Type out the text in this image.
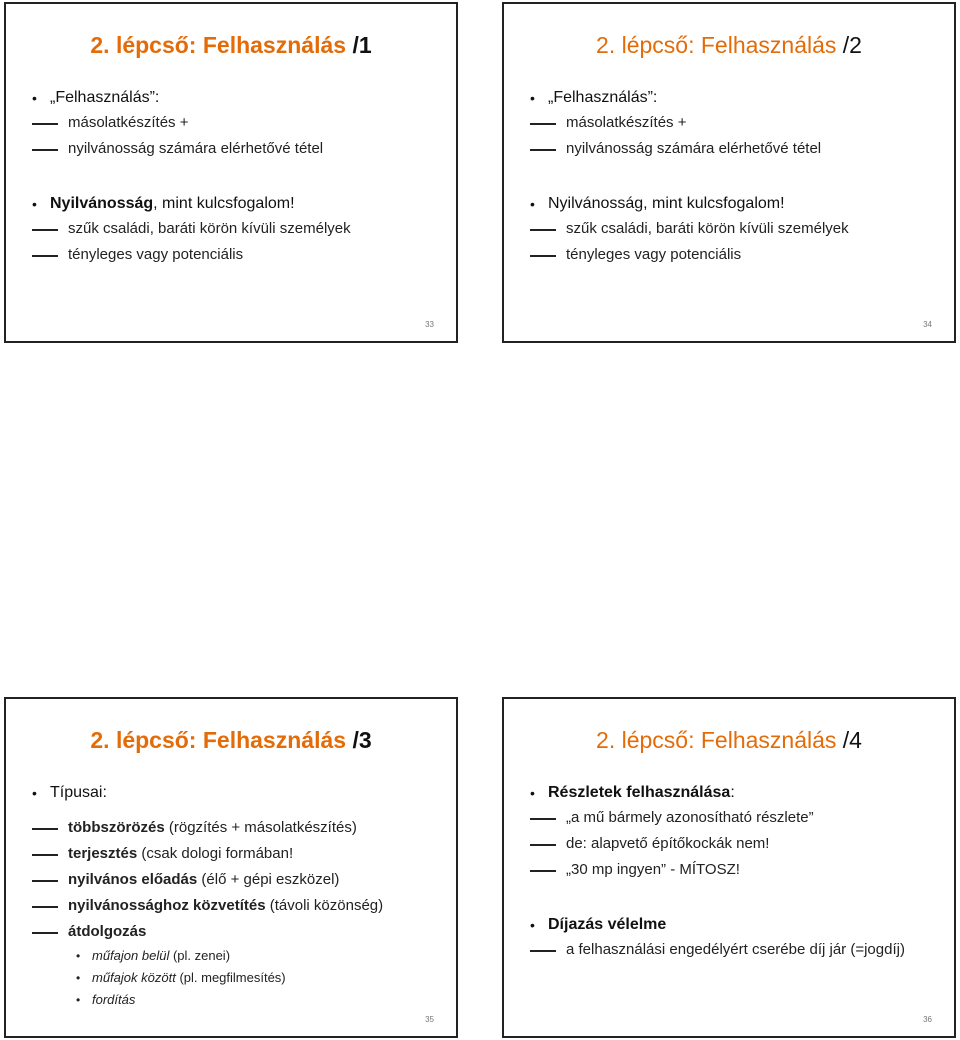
2. lépcső: Felhasználás /1
• „Felhasználás”:
másolatkészítés +
nyilvánosság számára elérhetővé tétel
• Nyilvánosság, mint kulcsfogalom!
szűk családi, baráti körön kívüli személyek
tényleges vagy potenciális
33
2. lépcső: Felhasználás /2
• „Felhasználás”:
másolatkészítés +
nyilvánosság számára elérhetővé tétel
• Nyilvánosság, mint kulcsfogalom!
szűk családi, baráti körön kívüli személyek
tényleges vagy potenciális
34
2. lépcső: Felhasználás /3
• Típusai:
többszörözés (rögzítés + másolatkészítés)
terjesztés (csak dologi formában!
nyilvános előadás (élő + gépi eszközel)
nyilvánossághoz közvetítés (távoli közönség)
átdolgozás
• műfajon belül (pl. zenei)
• műfajok között (pl. megfilmesítés)
• fordítás
35
2. lépcső: Felhasználás /4
• Részletek felhasználása:
„a mű bármely azonosítható részlete”
de: alapvető építőkockák nem!
„30 mp ingyen” - MÍTOSZ!
• Díjazás vélelme
a felhasználási engedélyért cserébe díj jár (=jogdíj)
36
